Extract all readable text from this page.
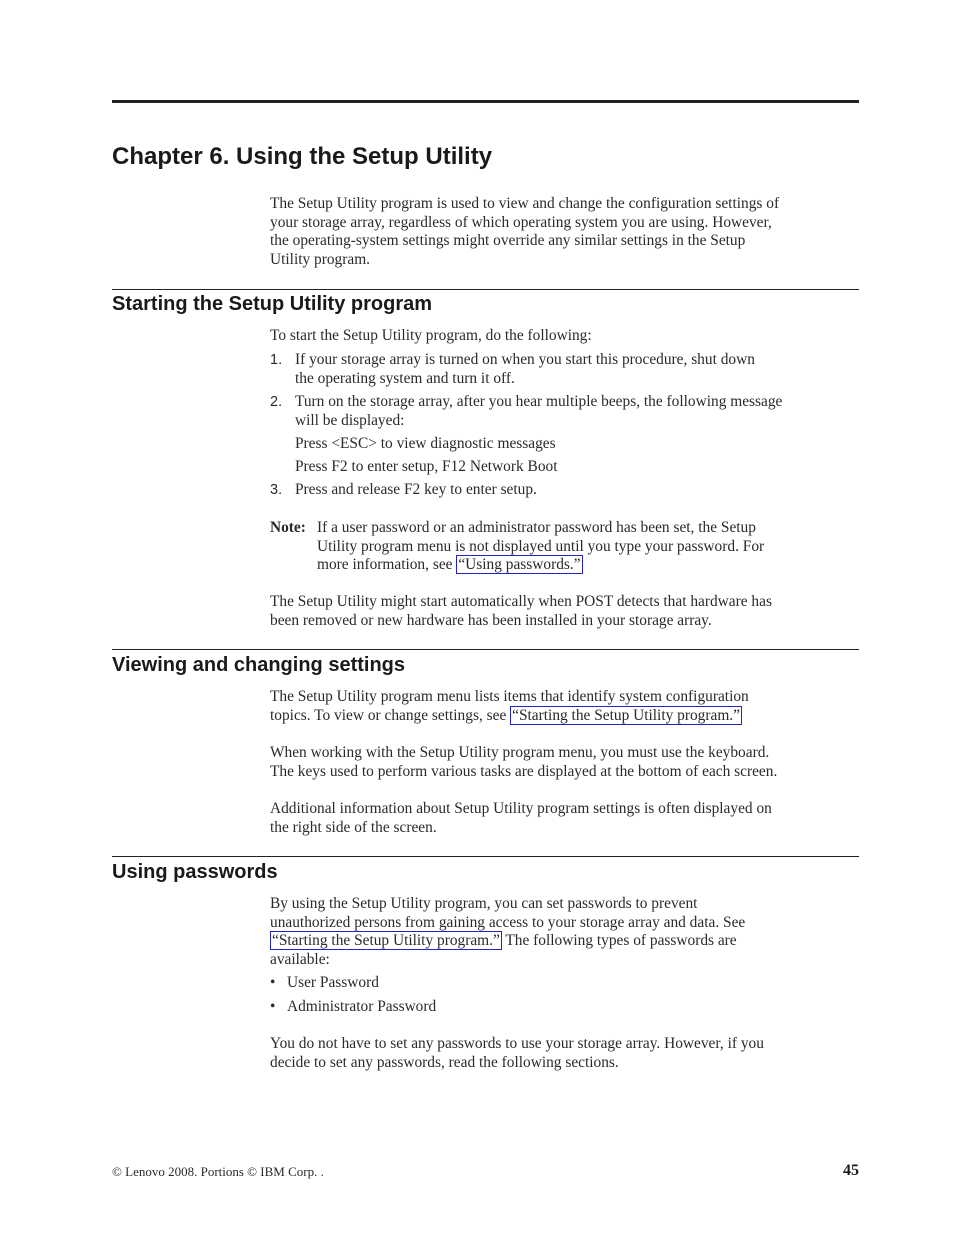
Chapter 6. Using the Setup Utility

The Setup Utility program is used to view and change the configuration settings of
your storage array, regardless of which operating system you are using. However,
the operating-system settings might override any similar settings in the Setup
Utility program.

Starting the Setup Utility program

To start the Setup Utility program, do the following:

1. If your storage array is turned on when you start this procedure, shut down
the operating system and turn it off.
2. Turn on the storage array, after you hear multiple beeps, the following message
will be displayed:
Press <ESC> to view diagnostic messages
Press F2 to enter setup, F12 Network Boot
3. Press and release F2 key to enter setup.
Note: If a user password or an administrator password has been set, the Setup
Utility program menu is not displayed until you type your password. For
more information, see “Using passwords.”

The Setup Utility might start automatically when POST detects that hardware has
been removed or new hardware has been installed in your storage array.

Viewing and changing settings

The Setup Utility program menu lists items that identify system configuration
topics. To view or change settings, see “Starting the Setup Utility program.”

When working with the Setup Utility program menu, you must use the keyboard.
The keys used to perform various tasks are displayed at the bottom of each screen.

Additional information about Setup Utility program settings is often displayed on
the right side of the screen.

Using passwords

By using the Setup Utility program, you can set passwords to prevent
unauthorized persons from gaining access to your storage array and data. See
“Starting the Setup Utility program.” The following types of passwords are
available:

• User Password
• Administrator Password

You do not have to set any passwords to use your storage array. However, if you
decide to set any passwords, read the following sections.

© Lenovo 2008. Portions © IBM Corp. .	45
